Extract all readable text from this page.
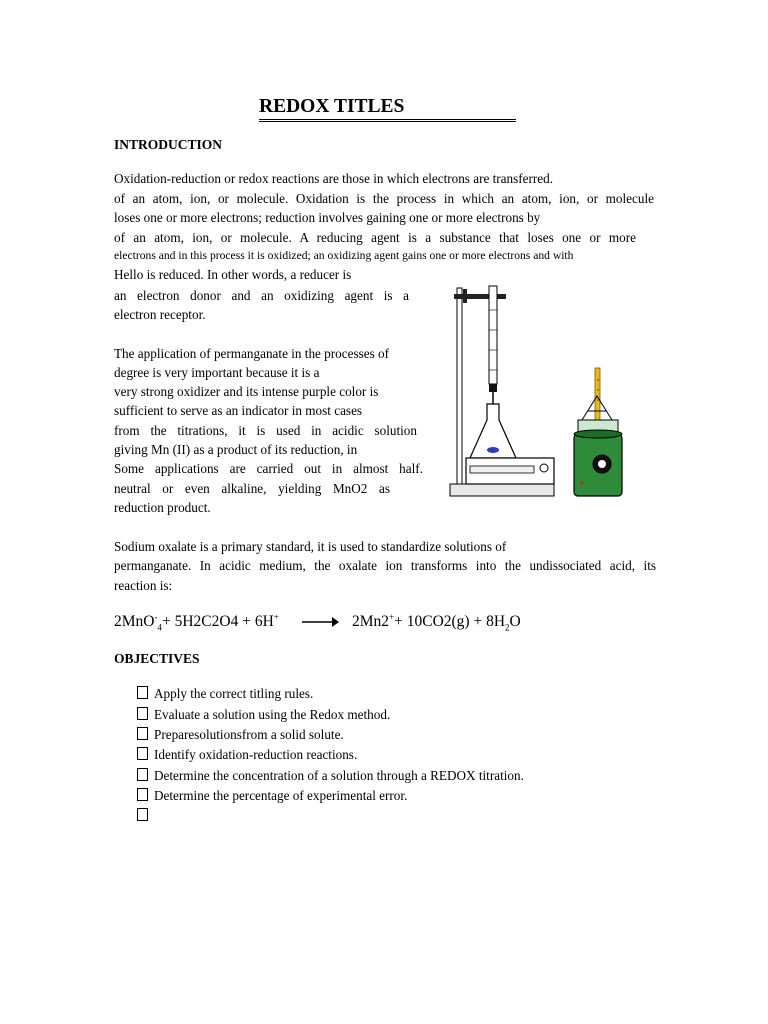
REDOX TITLES
INTRODUCTION
Oxidation-reduction or redox reactions are those in which electrons are transferred.
of an atom, ion, or molecule. Oxidation is the process in which an atom, ion, or molecule
loses one or more electrons; reduction involves gaining one or more electrons by
of an atom, ion, or molecule. A reducing agent is a substance that loses one or more
electrons and in this process it is oxidized; an oxidizing agent gains one or more electrons and with
Hello is reduced. In other words, a reducer is
an electron donor and an oxidizing agent is a
electron receptor.
The application of permanganate in the processes of
degree is very important because it is a
very strong oxidizer and its intense purple color is
sufficient to serve as an indicator in most cases
from the titrations, it is used in acidic solution
giving Mn (II) as a product of its reduction, in
Some applications are carried out in almost half.
neutral or even alkaline, yielding MnO2 as
reduction product.
Sodium oxalate is a primary standard, it is used to standardize solutions of
permanganate. In acidic medium, the oxalate ion transforms into the undissociated acid, its
reaction is:
$2MnO^-_4+ 5H2C2O4 + 6H^+ \to 2Mn2^++ 10CO2(g) + 8H_2O$
OBJECTIVES
Apply the correct titling rules.
Evaluate a solution using the Redox method.
Preparesolutionsfrom a solid solute.
Identify oxidation-reduction reactions.
Determine the concentration of a solution through a REDOX titration.
Determine the percentage of experimental error.
